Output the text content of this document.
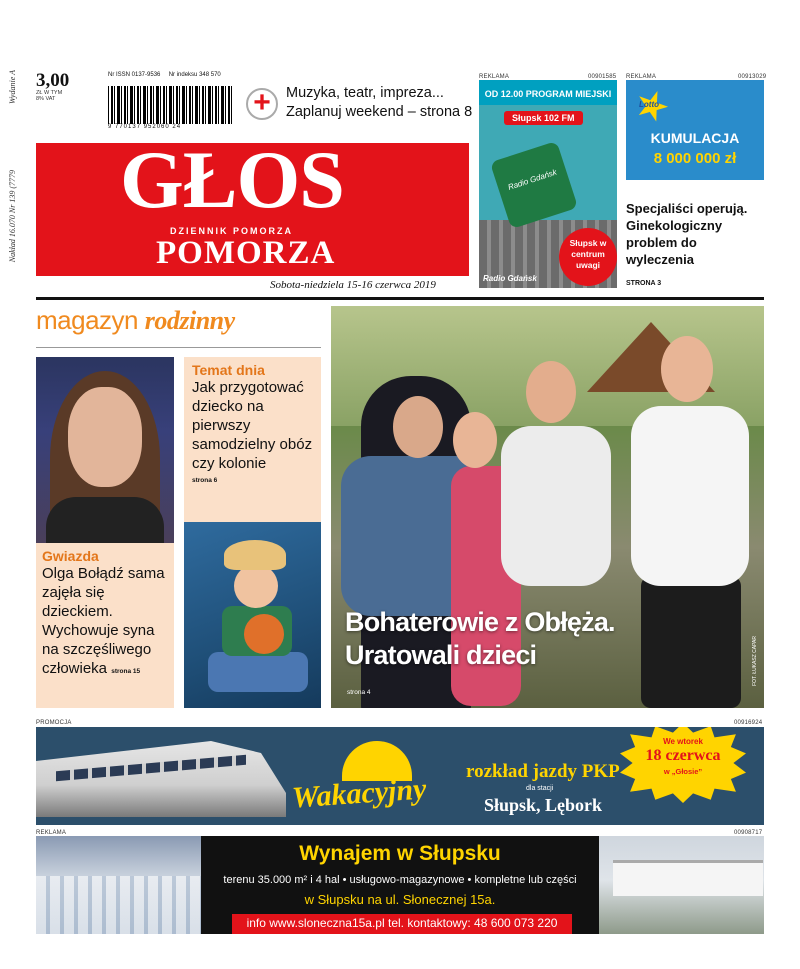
Wydanie A
Nakład 16.070 Nr 139 (7779
3,00
ZŁ W TYM 8% VAT
Nr ISSN 0137-9536 Nr indeksu 348 570
9 770137 952060 24
+	Muzyka, teatr, impreza...
Zaplanuj weekend – strona 8
GŁOS
DZIENNIK POMORZA
POMORZA
Sobota-niedziela 15-16 czerwca 2019
REKLAMA	00901585
OD 12.00 PROGRAM MIEJSKI
Słupsk 102 FM
Radio Gdańsk
Słupsk w centrum uwagi
Radio Gdańsk
REKLAMA	00913029
Lotto
KUMULACJA
8 000 000 zł
Specjaliści operują. Ginekologiczny problem do wyleczenia
STRONA 3
magazyn rodzinny
Gwiazda
Olga Bołądź sama zajęła się dzieckiem. Wychowuje syna na szczęśliwego człowieka strona 15
Temat dnia
Jak przygotować dziecko na pierwszy samodzielny obóz czy kolonie
strona 6
Bohaterowie z Obłęża.
Uratowali dzieci
strona 4
FOT. ŁUKASZ CAPAR
PROMOCJA	00916924
Wakacyjny
rozkład jazdy PKP
dla stacji
Słupsk, Lębork
We wtorek
18 czerwca
w „Głosie”
REKLAMA	00908717
Wynajem w Słupsku
terenu 35.000 m² i 4 hal • usługowo-magazynowe • kompletne lub części
w Słupsku na ul. Słonecznej 15a.
info www.sloneczna15a.pl tel. kontaktowy: 48 600 073 220
